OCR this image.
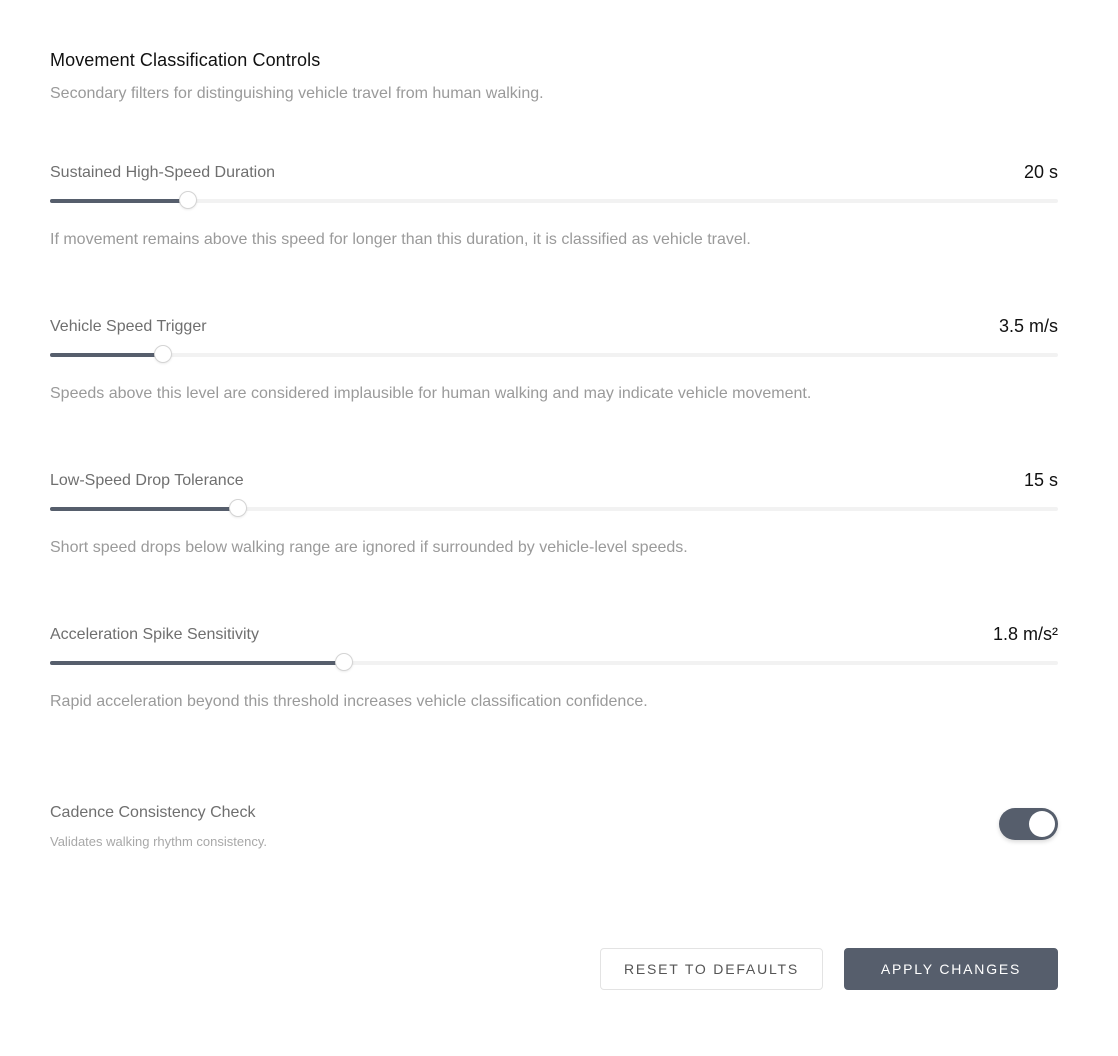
Movement Classification Controls
Secondary filters for distinguishing vehicle travel from human walking.
Sustained High-Speed Duration	20 s
If movement remains above this speed for longer than this duration, it is classified as vehicle travel.
Vehicle Speed Trigger	3.5 m/s
Speeds above this level are considered implausible for human walking and may indicate vehicle movement.
Low-Speed Drop Tolerance	15 s
Short speed drops below walking range are ignored if surrounded by vehicle-level speeds.
Acceleration Spike Sensitivity	1.8 m/s²
Rapid acceleration beyond this threshold increases vehicle classification confidence.
Cadence Consistency Check
Validates walking rhythm consistency.
RESET TO DEFAULTS	APPLY CHANGES
